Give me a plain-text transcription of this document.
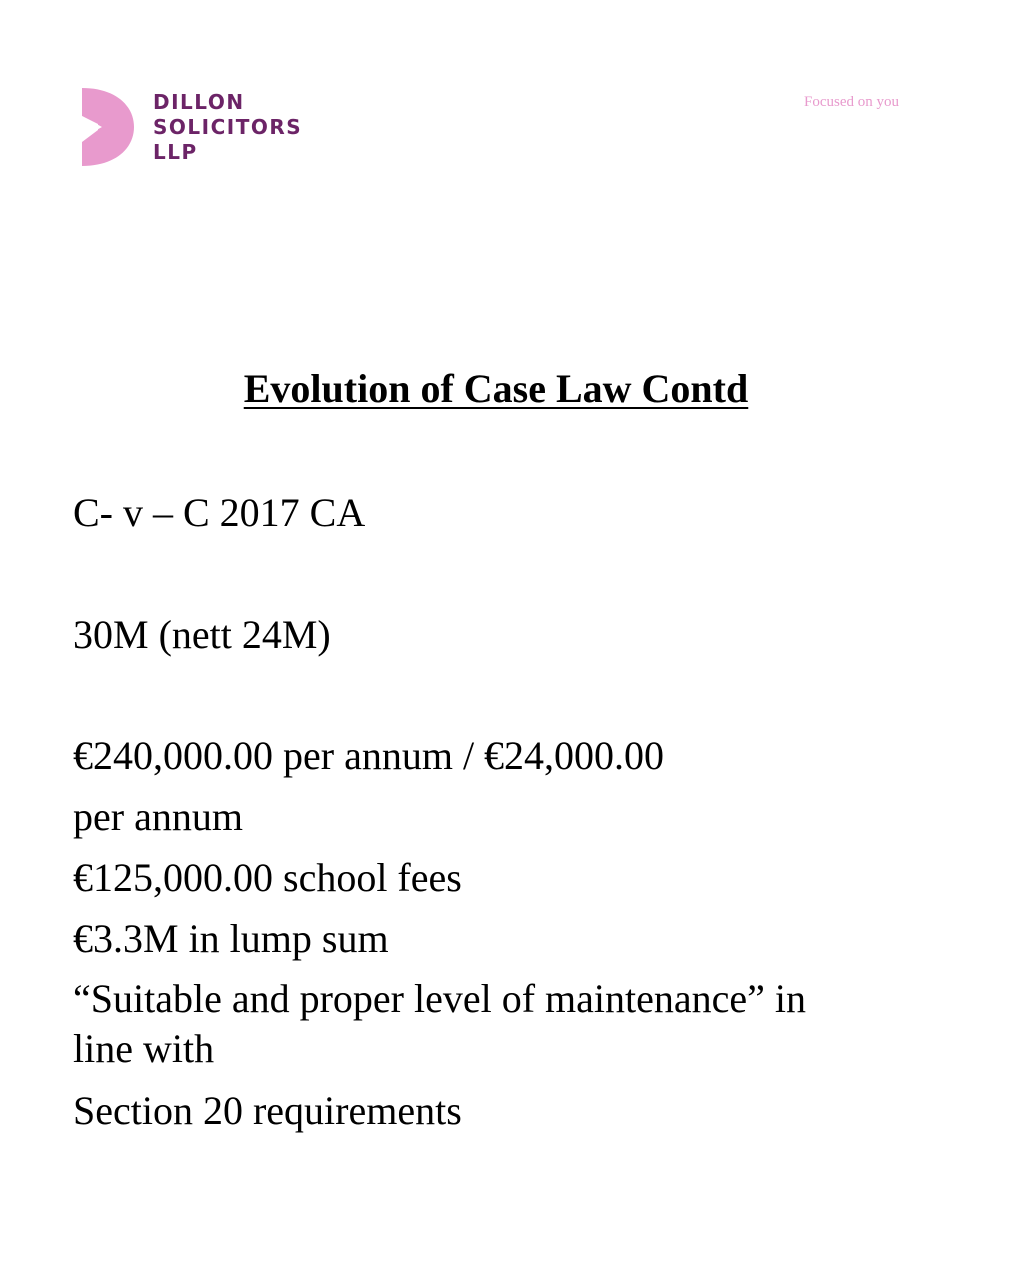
DILLON
SOLICITORS
LLP
Focused on you
Evolution of Case Law Contd
C- v – C 2017 CA
30M (nett 24M)
€240,000.00 per annum / €24,000.00
per annum
€125,000.00 school fees
€3.3M in lump sum
“Suitable and proper level of maintenance” in line with
Section 20 requirements
